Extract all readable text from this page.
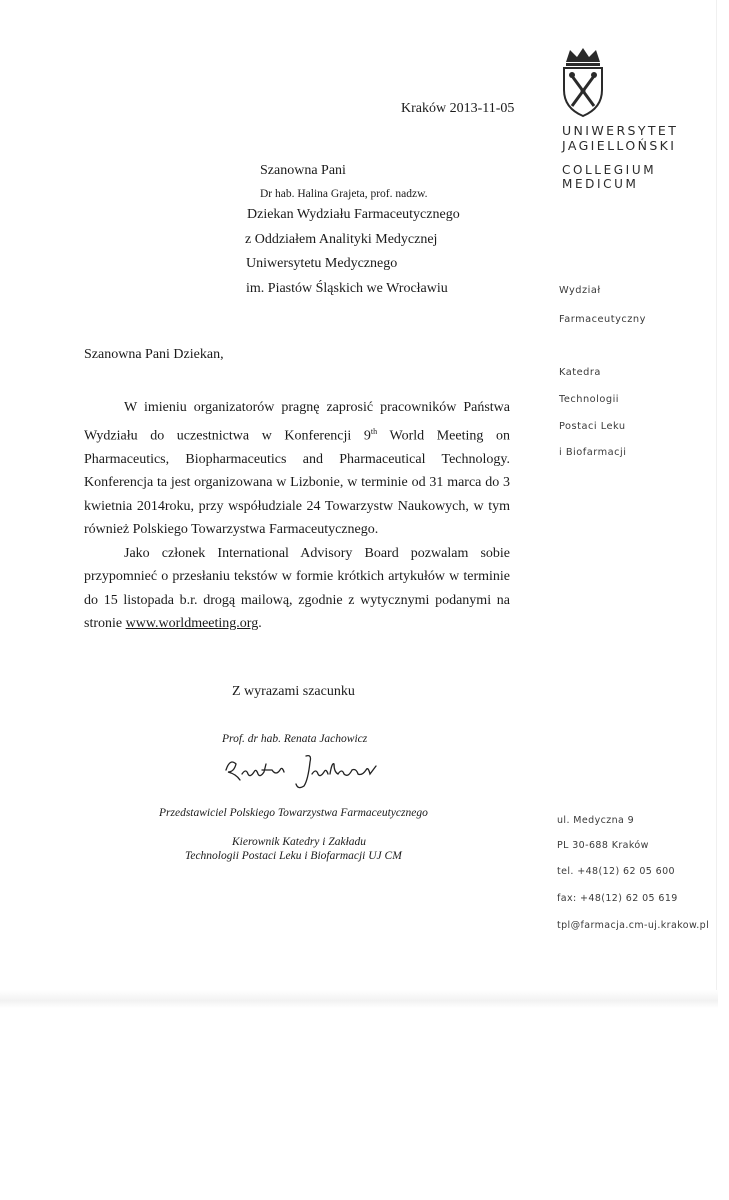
UNIWERSYTET
JAGIELLOŃSKI
COLLEGIUM
MEDICUM
Wydział
Farmaceutyczny
Katedra
Technologii
Postaci Leku
i Biofarmacji
Kraków 2013-11-05
Szanowna Pani
Dr hab. Halina Grajeta, prof. nadzw.
Dziekan Wydziału Farmaceutycznego
z Oddziałem Analityki Medycznej
Uniwersytetu Medycznego
im. Piastów Śląskich we Wrocławiu
Szanowna Pani Dziekan,

W imieniu organizatorów pragnę zaprosić pracowników Państwa Wydziału do uczestnictwa w Konferencji 9th World Meeting on Pharmaceutics, Biopharmaceutics and Pharmaceutical Technology. Konferencja ta jest organizowana w Lizbonie, w terminie od 31 marca do 3 kwietnia 2014roku, przy współudziale 24 Towarzystw Naukowych, w tym również Polskiego Towarzystwa Farmaceutycznego.

Jako członek International Advisory Board pozwalam sobie przypomnieć o przesłaniu tekstów w formie krótkich artykułów w terminie do 15 listopada b.r. drogą mailową, zgodnie z wytycznymi podanymi na stronie www.worldmeeting.org.

Z wyrazami szacunku
Prof. dr hab. Renata Jachowicz
Przedstawiciel Polskiego Towarzystwa Farmaceutycznego
Kierownik Katedry i Zakładu
Technologii Postaci Leku i Biofarmacji UJ CM
ul. Medyczna 9
PL 30-688 Kraków
tel. +48(12) 62 05 600
fax: +48(12) 62 05 619
tpl@farmacja.cm-uj.krakow.pl
